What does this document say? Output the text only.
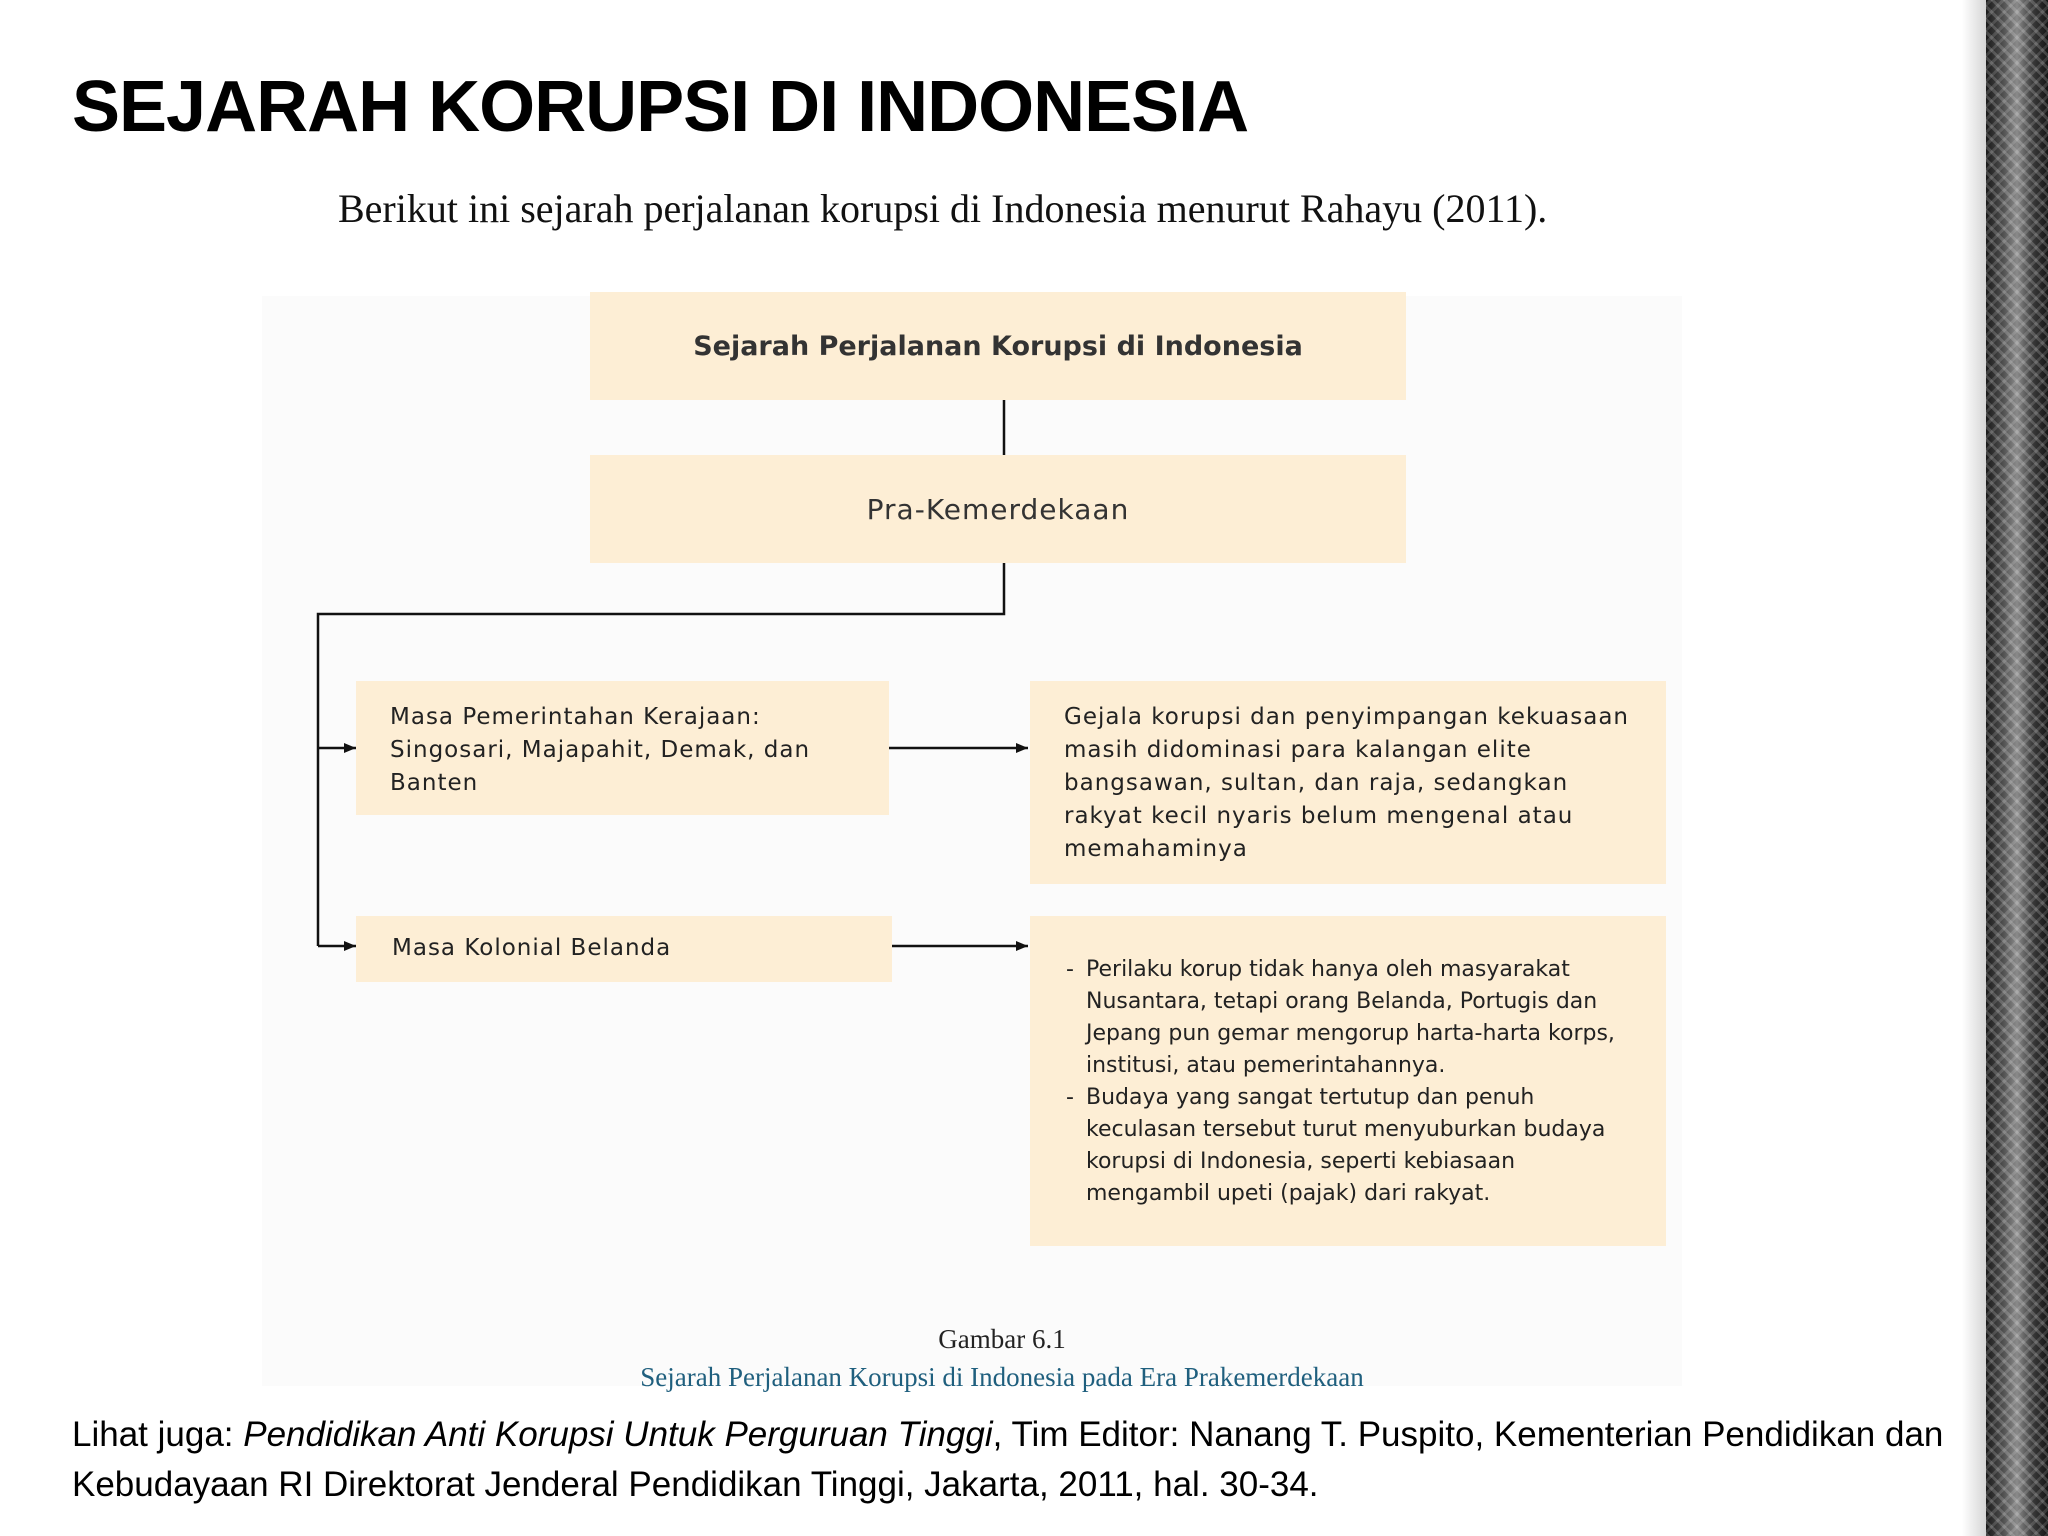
SEJARAH KORUPSI DI INDONESIA
Berikut ini sejarah perjalanan korupsi di Indonesia menurut Rahayu (2011).
Sejarah Perjalanan Korupsi di Indonesia
Pra-Kemerdekaan
Masa Pemerintahan Kerajaan: Singosari, Majapahit, Demak, dan Banten
Gejala korupsi dan penyimpangan kekuasaan masih didominasi para kalangan elite bangsawan, sultan, dan raja, sedangkan rakyat kecil nyaris belum mengenal atau memahaminya
Masa Kolonial Belanda
- Perilaku korup tidak hanya oleh masyarakat Nusantara, tetapi orang Belanda, Portugis dan Jepang pun gemar mengorup harta-harta korps, institusi, atau pemerintahannya.
- Budaya yang sangat tertutup dan penuh keculasan tersebut turut menyuburkan budaya korupsi di Indonesia, seperti kebiasaan mengambil upeti (pajak) dari rakyat.
Gambar 6.1
Sejarah Perjalanan Korupsi di Indonesia pada Era Prakemerdekaan
Lihat juga: Pendidikan Anti Korupsi Untuk Perguruan Tinggi, Tim Editor: Nanang T. Puspito, Kementerian Pendidikan dan Kebudayaan RI Direktorat Jenderal Pendidikan Tinggi, Jakarta, 2011, hal. 30-34.
